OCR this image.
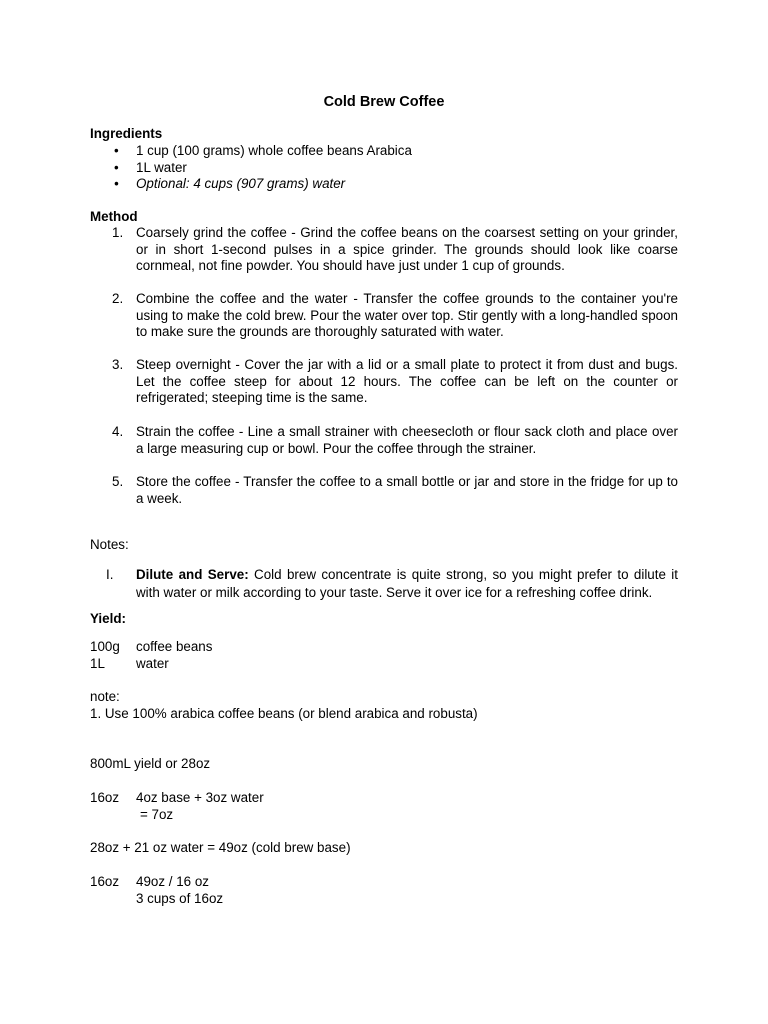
Cold Brew Coffee
Ingredients
• 1 cup (100 grams) whole coffee beans Arabica
• 1L water
• Optional: 4 cups (907 grams) water
Method
1. Coarsely grind the coffee - Grind the coffee beans on the coarsest setting on your grinder, or in short 1-second pulses in a spice grinder. The grounds should look like coarse cornmeal, not fine powder. You should have just under 1 cup of grounds.
2. Combine the coffee and the water - Transfer the coffee grounds to the container you're using to make the cold brew. Pour the water over top. Stir gently with a long-handled spoon to make sure the grounds are thoroughly saturated with water.
3. Steep overnight - Cover the jar with a lid or a small plate to protect it from dust and bugs. Let the coffee steep for about 12 hours. The coffee can be left on the counter or refrigerated; steeping time is the same.
4. Strain the coffee - Line a small strainer with cheesecloth or flour sack cloth and place over a large measuring cup or bowl. Pour the coffee through the strainer.
5. Store the coffee - Transfer the coffee to a small bottle or jar and store in the fridge for up to a week.
Notes:
I. Dilute and Serve: Cold brew concentrate is quite strong, so you might prefer to dilute it with water or milk according to your taste. Serve it over ice for a refreshing coffee drink.
Yield:
100g coffee beans
1L water
note:
1. Use 100% arabica coffee beans (or blend arabica and robusta)
800mL yield or 28oz
16oz 4oz base + 3oz water
= 7oz
28oz + 21 oz water = 49oz (cold brew base)
16oz 49oz / 16 oz
3 cups of 16oz
